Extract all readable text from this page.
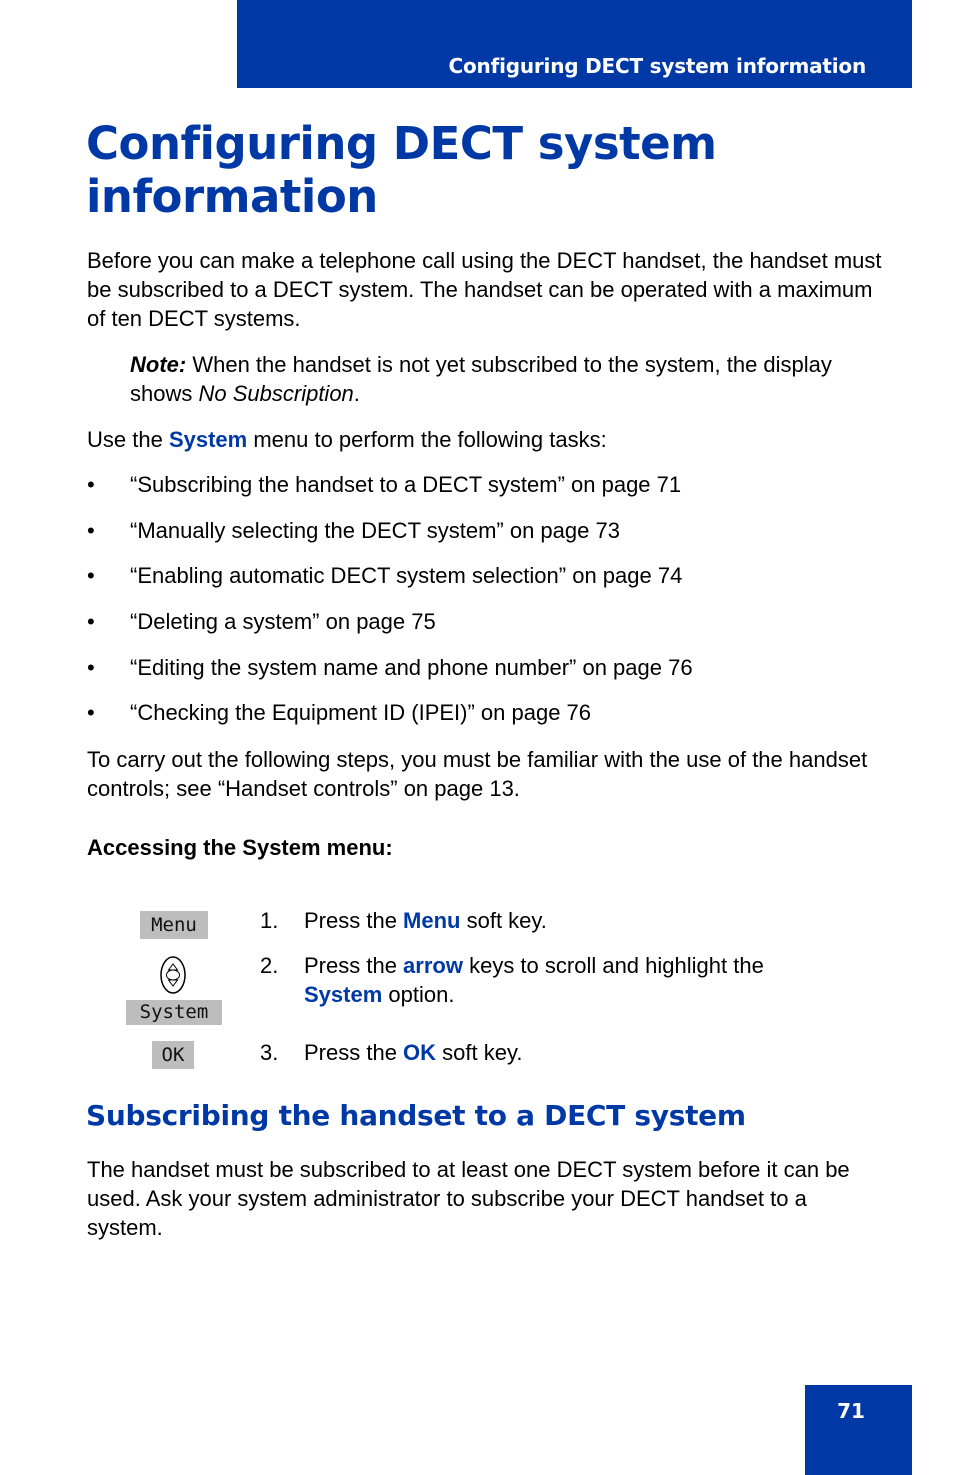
Configuring DECT system information
Configuring DECT system information

Before you can make a telephone call using the DECT handset, the handset must be subscribed to a DECT system. The handset can be operated with a maximum of ten DECT systems.

Note: When the handset is not yet subscribed to the system, the display shows No Subscription.

Use the System menu to perform the following tasks:

• “Subscribing the handset to a DECT system” on page 71
• “Manually selecting the DECT system” on page 73
• “Enabling automatic DECT system selection” on page 74
• “Deleting a system” on page 75
• “Editing the system name and phone number” on page 76
• “Checking the Equipment ID (IPEI)” on page 76

To carry out the following steps, you must be familiar with the use of the handset controls; see “Handset controls” on page 13.

Accessing the System menu:
Menu
System
OK

1.	Press the Menu soft key.

2.	Press the arrow keys to scroll and highlight the
System option.

3.	Press the OK soft key.

Subscribing the handset to a DECT system

The handset must be subscribed to at least one DECT system before it can be used. Ask your system administrator to subscribe your DECT handset to a system.

71
